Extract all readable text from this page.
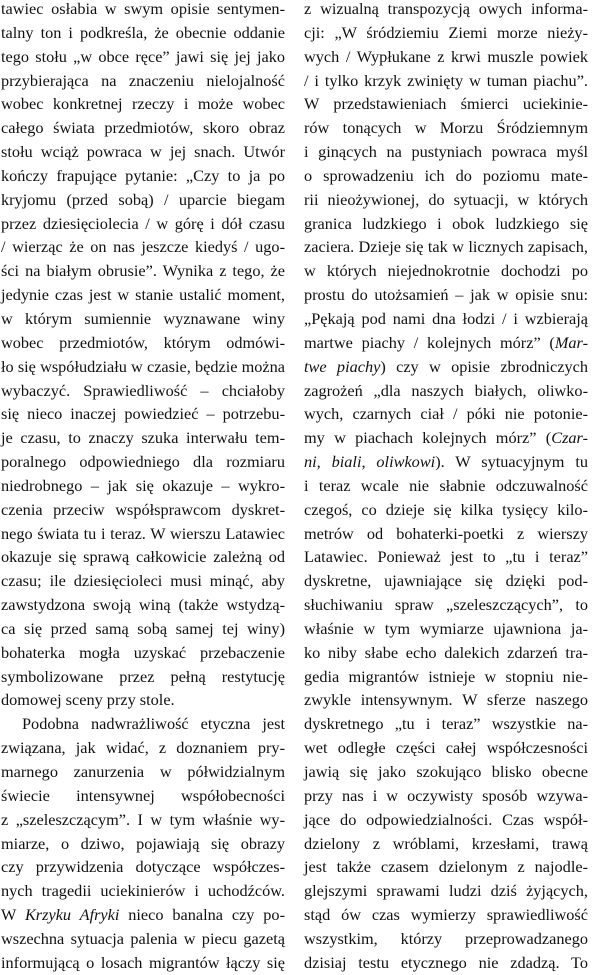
tawiec osłabia w swym opisie sentymen-
talny ton i podkreśla, że obecnie oddanie
tego stołu „w obce ręce” jawi się jej jako
przybierająca na znaczeniu nielojalność
wobec konkretnej rzeczy i może wobec
całego świata przedmiotów, skoro obraz
stołu wciąż powraca w jej snach. Utwór
kończy frapujące pytanie: „Czy to ja po
kryjomu (przed sobą) / uparcie biegam
przez dziesięciolecia / w górę i dół czasu
/ wierząc że on nas jeszcze kiedyś / ugo-
ści na białym obrusie”. Wynika z tego, że
jedynie czas jest w stanie ustalić moment,
w którym sumiennie wyznawane winy
wobec przedmiotów, którym odmówi-
ło się współudziału w czasie, będzie można
wybaczyć. Sprawiedliwość – chciałoby
się nieco inaczej powiedzieć – potrzebu-
je czasu, to znaczy szuka interwału tem-
poralnego odpowiedniego dla rozmiaru
niedrobnego – jak się okazuje – wykro-
czenia przeciw współsprawcom dyskret-
nego świata tu i teraz. W wierszu Latawiec
okazuje się sprawą całkowicie zależną od
czasu; ile dziesięcioleci musi minąć, aby
zawstydzona swoją winą (także wstydzą-
ca się przed samą sobą samej tej winy)
bohaterka mogła uzyskać przebaczenie
symbolizowane przez pełną restytucję
domowej sceny przy stole.
Podobna nadwrażliwość etyczna jest
związana, jak widać, z doznaniem pry-
marnego zanurzenia w półwidzialnym
świecie intensywnej współobecności
z „szeleszczącym”. I w tym właśnie wy-
miarze, o dziwo, pojawiają się obrazy
czy przywidzenia dotyczące współczes-
nych tragedii uciekinierów i uchodźców.
W Krzyku Afryki nieco banalna czy po-
wszechna sytuacja palenia w piecu gazetą
informującą o losach migrantów łączy się
z wizualną transpozycją owych informa-
cji: „W śródziemiu Ziemi morze nieży-
wych / Wypłukane z krwi muszle powiek
/ i tylko krzyk zwinięty w tuman piachu”.
W przedstawieniach śmierci uciekinie-
rów tonących w Morzu Śródziemnym
i ginących na pustyniach powraca myśl
o sprowadzeniu ich do poziomu mate-
rii nieożywionej, do sytuacji, w których
granica ludzkiego i obok ludzkiego się
zaciera. Dzieje się tak w licznych zapisach,
w których niejednokrotnie dochodzi po
prostu do utożsamień – jak w opisie snu:
„Pękają pod nami dna łodzi / i wzbierają
martwe piachy / kolejnych mórz” (Mar-
twe piachy) czy w opisie zbrodniczych
zagrożeń „dla naszych białych, oliwko-
wych, czarnych ciał / póki nie potonie-
my w piachach kolejnych mórz” (Czar-
ni, biali, oliwkowi). W sytuacyjnym tu
i teraz wcale nie słabnie odczuwalność
czegoś, co dzieje się kilka tysięcy kilo-
metrów od bohaterki-poetki z wierszy
Latawiec. Ponieważ jest to „tu i teraz”
dyskretne, ujawniające się dzięki pod-
słuchiwaniu spraw „szeleszczących”, to
właśnie w tym wymiarze ujawniona ja-
ko niby słabe echo dalekich zdarzeń tra-
gedia migrantów istnieje w stopniu nie-
zwykle intensywnym. W sferze naszego
dyskretnego „tu i teraz” wszystkie na-
wet odległe części całej współczesności
jawią się jako szokująco blisko obecne
przy nas i w oczywisty sposób wzywa-
jące do odpowiedzialności. Czas współ-
dzielony z wróblami, krzesłami, trawą
jest także czasem dzielonym z najodle-
glejszymi sprawami ludzi dziś żyjących,
stąd ów czas wymierzy sprawiedliwość
wszystkim, którzy przeprowadzanego
dzisiaj testu etycznego nie zdadzą. To
